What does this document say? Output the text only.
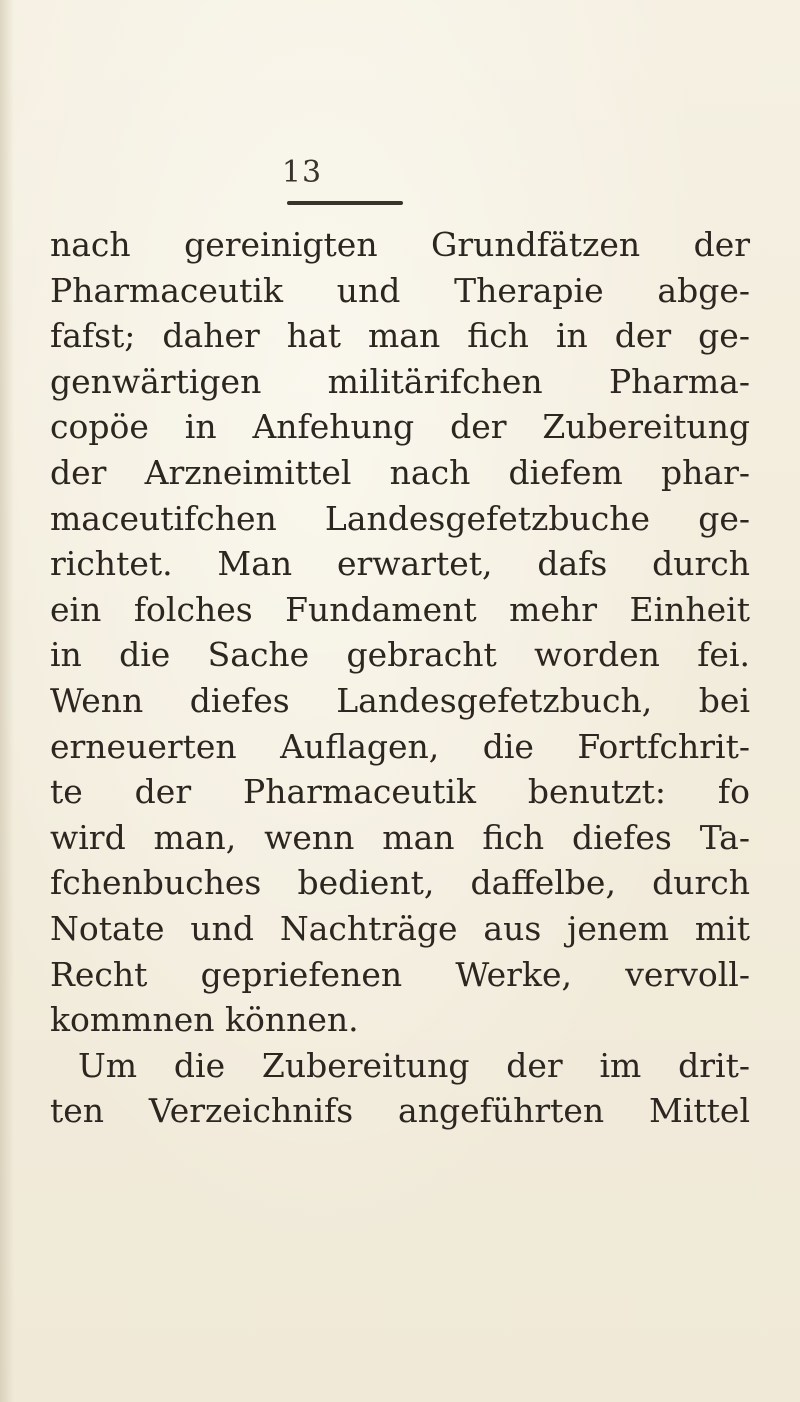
13
nach gereinigten Grundfätzen der
Pharmaceutik und Therapie abge-
fafst; daher hat man fich in der ge-
genwärtigen militärifchen Pharma-
copöe in Anfehung der Zubereitung
der Arzneimittel nach diefem phar-
maceutifchen Landesgefetzbuche ge-
richtet. Man erwartet, dafs durch
ein folches Fundament mehr Einheit
in die Sache gebracht worden fei.
Wenn diefes Landesgefetzbuch, bei
erneuerten Auflagen, die Fortfchrit-
te der Pharmaceutik benutzt: fo
wird man, wenn man fich diefes Ta-
fchenbuches bedient, daffelbe, durch
Notate und Nachträge aus jenem mit
Recht gepriefenen Werke, vervoll-
kommnen können.
Um die Zubereitung der im drit-
ten Verzeichnifs angeführten Mittel
